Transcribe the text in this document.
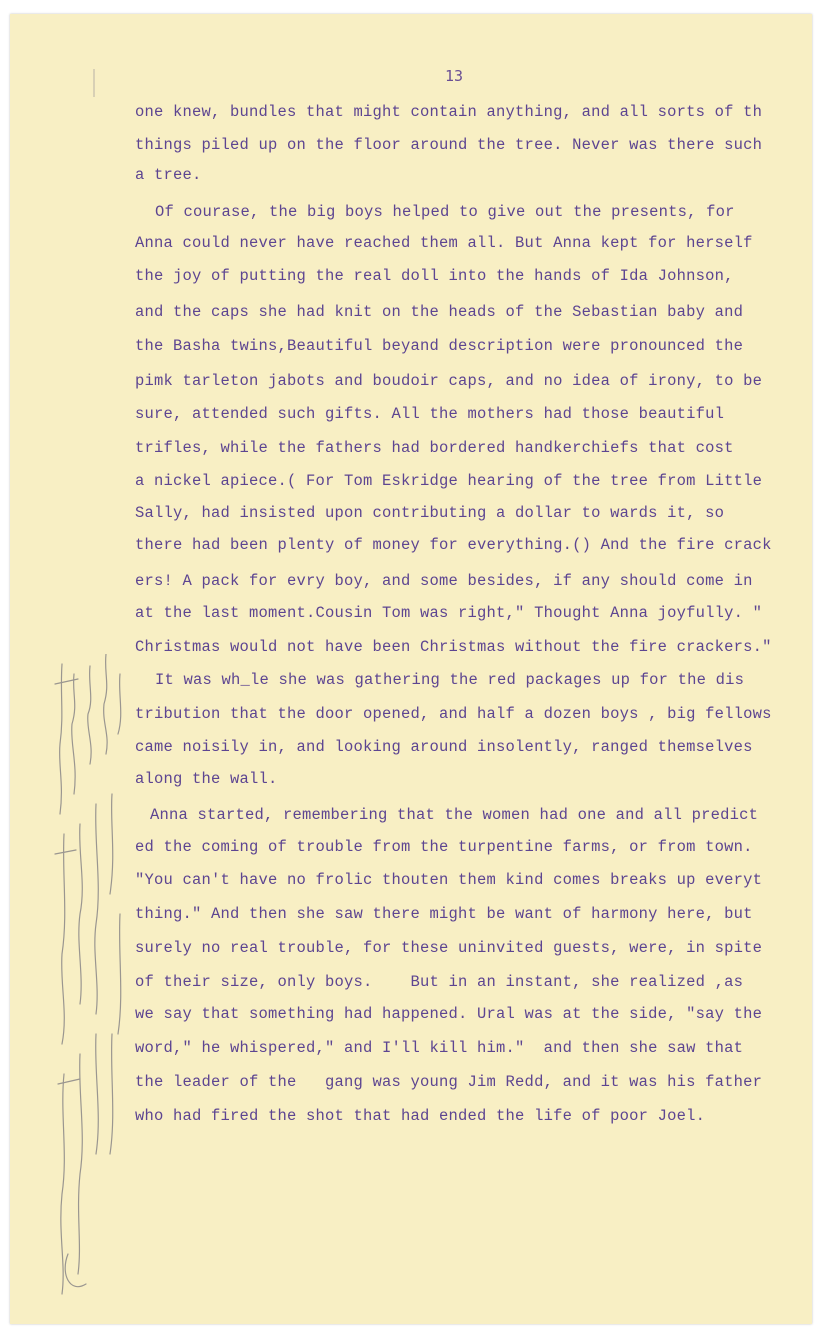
13
one knew, bundles that might contain anything, and all sorts of th
things piled up on the floor around the tree. Never was there such
a tree.
Of courase, the big boys helped to give out the presents, for
Anna could never have reached them all. But Anna kept for herself
the joy of putting the real doll into the hands of Ida Johnson,
and the caps she had knit on the heads of the Sebastian baby and
the Basha twins,Beautiful beyand description were pronounced the
pimk tarleton jabots and boudoir caps, and no idea of irony, to be
sure, attended such gifts. All the mothers had those beautiful
trifles, while the fathers had bordered handkerchiefs that cost
a nickel apiece.( For Tom Eskridge hearing of the tree from Little
Sally, had insisted upon contributing a dollar to wards it, so
there had been plenty of money for everything.() And the fire crack
ers! A pack for evry boy, and some besides, if any should come in
at the last moment.Cousin Tom was right," Thought Anna joyfully. "
Christmas would not have been Christmas without the fire crackers."
It was wh_le she was gathering the red packages up for the dis
tribution that the door opened, and half a dozen boys , big fellows
came noisily in, and looking around insolently, ranged themselves
along the wall.
Anna started, remembering that the women had one and all predict
ed the coming of trouble from the turpentine farms, or from town.
"You can't have no frolic thouten them kind comes breaks up everyt
thing." And then she saw there might be want of harmony here, but
surely no real trouble, for these uninvited guests, were, in spite
of their size, only boys.    But in an instant, she realized ,as
we say that something had happened. Ural was at the side, "say the
word," he whispered," and I'll kill him."  and then she saw that
the leader of the   gang was young Jim Redd, and it was his father
who had fired the shot that had ended the life of poor Joel.
